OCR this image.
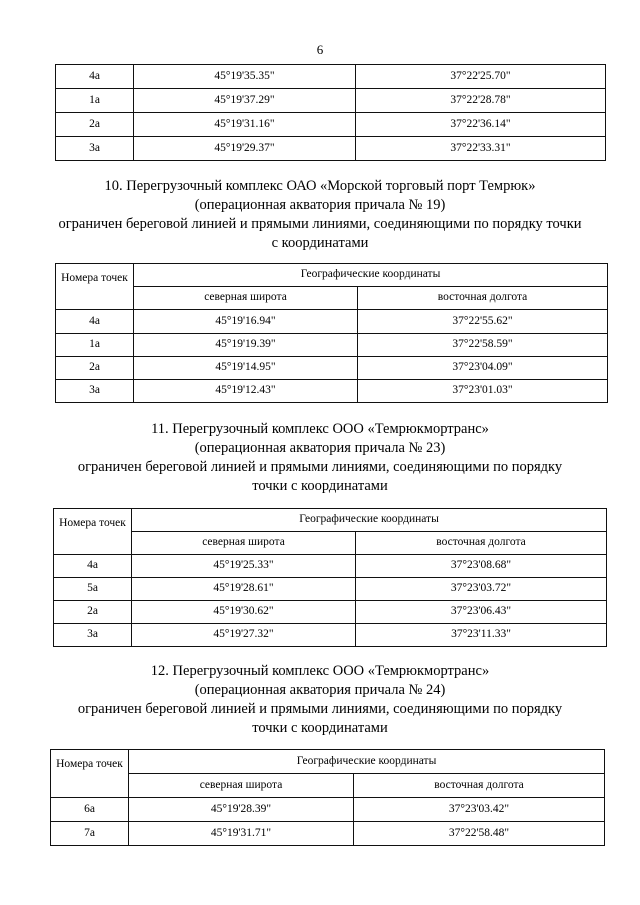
6
4a	45°19'35.35"	37°22'25.70"
1a	45°19'37.29"	37°22'28.78"
2a	45°19'31.16"	37°22'36.14"
3a	45°19'29.37"	37°22'33.31"
10. Перегрузочный комплекс ОАО «Морской торговый порт Темрюк»
(операционная акватория причала № 19)
ограничен береговой линией и прямыми линиями, соединяющими по порядку точки
с координатами
Номера точек	Географические координаты	
	северная широта	восточная долгота
4a	45°19'16.94"	37°22'55.62"
1a	45°19'19.39"	37°22'58.59"
2a	45°19'14.95"	37°23'04.09"
3a	45°19'12.43"	37°23'01.03"
11. Перегрузочный комплекс ООО «Темрюкмортранс»
(операционная акватория причала № 23)
ограничен береговой линией и прямыми линиями, соединяющими по порядку
точки с координатами
Номера точек	Географические координаты	
	северная широта	восточная долгота
4a	45°19'25.33"	37°23'08.68"
5a	45°19'28.61"	37°23'03.72"
2a	45°19'30.62"	37°23'06.43"
3a	45°19'27.32"	37°23'11.33"
12. Перегрузочный комплекс ООО «Темрюкмортранс»
(операционная акватория причала № 24)
ограничен береговой линией и прямыми линиями, соединяющими по порядку
точки с координатами
Номера точек	Географические координаты	
	северная широта	восточная долгота
6a	45°19'28.39"	37°23'03.42"
7a	45°19'31.71"	37°22'58.48"
